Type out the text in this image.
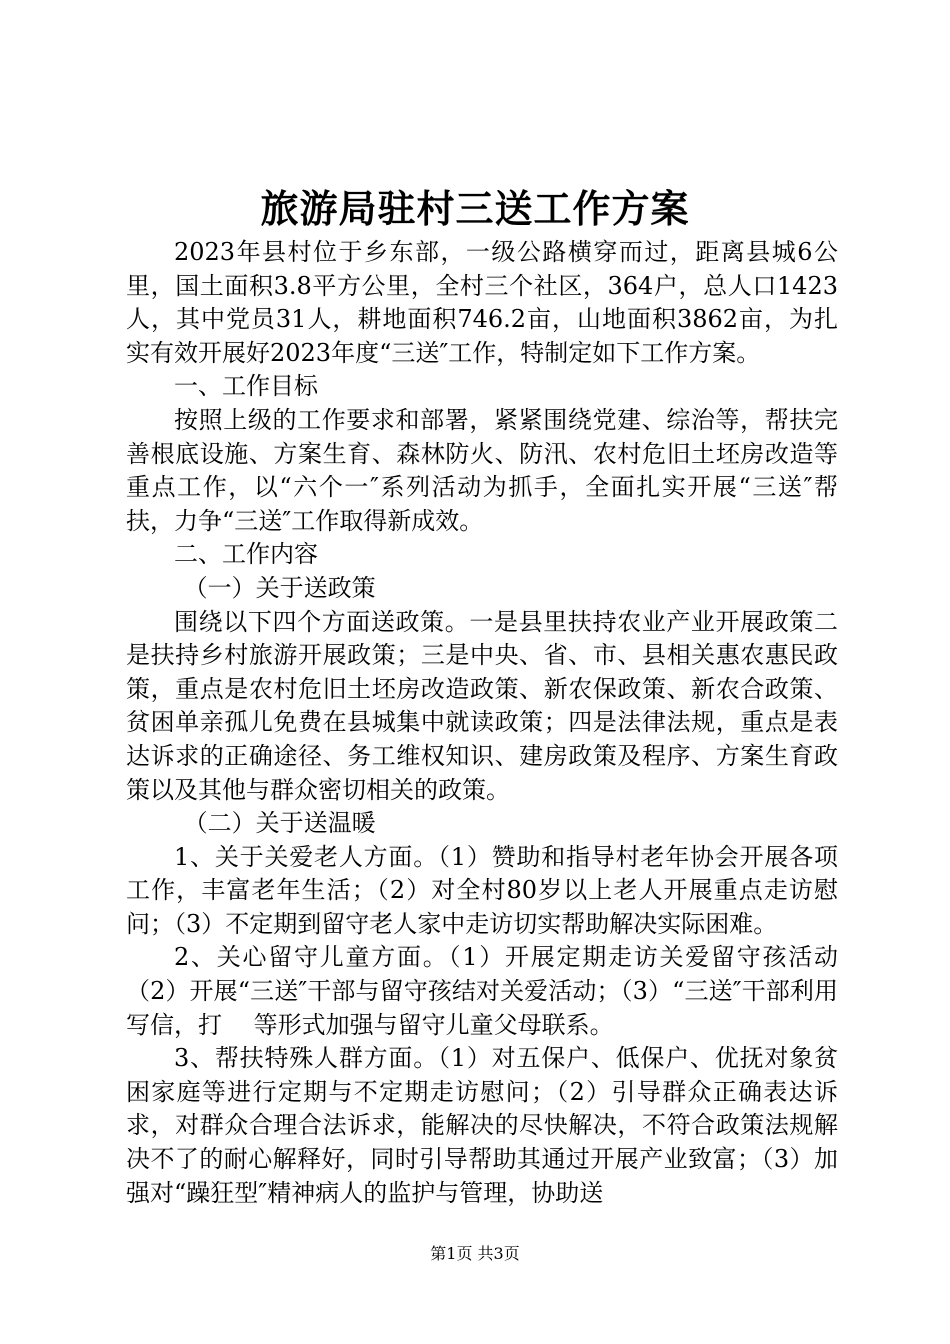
旅游局驻村三送工作方案

2023年县村位于乡东部，一级公路横穿而过，距离县城6公里，国土面积3.8平方公里，全村三个社区，364户，总人口1423人，其中党员31人，耕地面积746.2亩，山地面积3862亩，为扎实有效开展好2023年度“三送″工作，特制定如下工作方案。

一、工作目标

按照上级的工作要求和部署，紧紧围绕党建、综治等，帮扶完善根底设施、方案生育、森林防火、防汛、农村危旧土坯房改造等重点工作，以“六个一″系列活动为抓手，全面扎实开展“三送″帮扶，力争“三送″工作取得新成效。

二、工作内容

（一）关于送政策

围绕以下四个方面送政策。一是县里扶持农业产业开展政策二是扶持乡村旅游开展政策；三是中央、省、市、县相关惠农惠民政策，重点是农村危旧土坯房改造政策、新农保政策、新农合政策、贫困单亲孤儿免费在县城集中就读政策；四是法律法规，重点是表达诉求的正确途径、务工维权知识、建房政策及程序、方案生育政策以及其他与群众密切相关的政策。

（二）关于送温暖

1、关于关爱老人方面。（1）赞助和指导村老年协会开展各项工作，丰富老年生活；（2）对全村80岁以上老人开展重点走访慰问；（3）不定期到留守老人家中走访切实帮助解决实际困难。

2、关心留守儿童方面。（1）开展定期走访关爱留守孩活动（2）开展“三送″干部与留守孩结对关爱活动；（3）“三送″干部利用写信，打　 等形式加强与留守儿童父母联系。

3、帮扶特殊人群方面。（1）对五保户、低保户、优抚对象贫困家庭等进行定期与不定期走访慰问；（2）引导群众正确表达诉求，对群众合理合法诉求，能解决的尽快解决，不符合政策法规解决不了的耐心解释好，同时引导帮助其通过开展产业致富；（3）加强对“躁狂型″精神病人的监护与管理，协助送

第1页 共3页
